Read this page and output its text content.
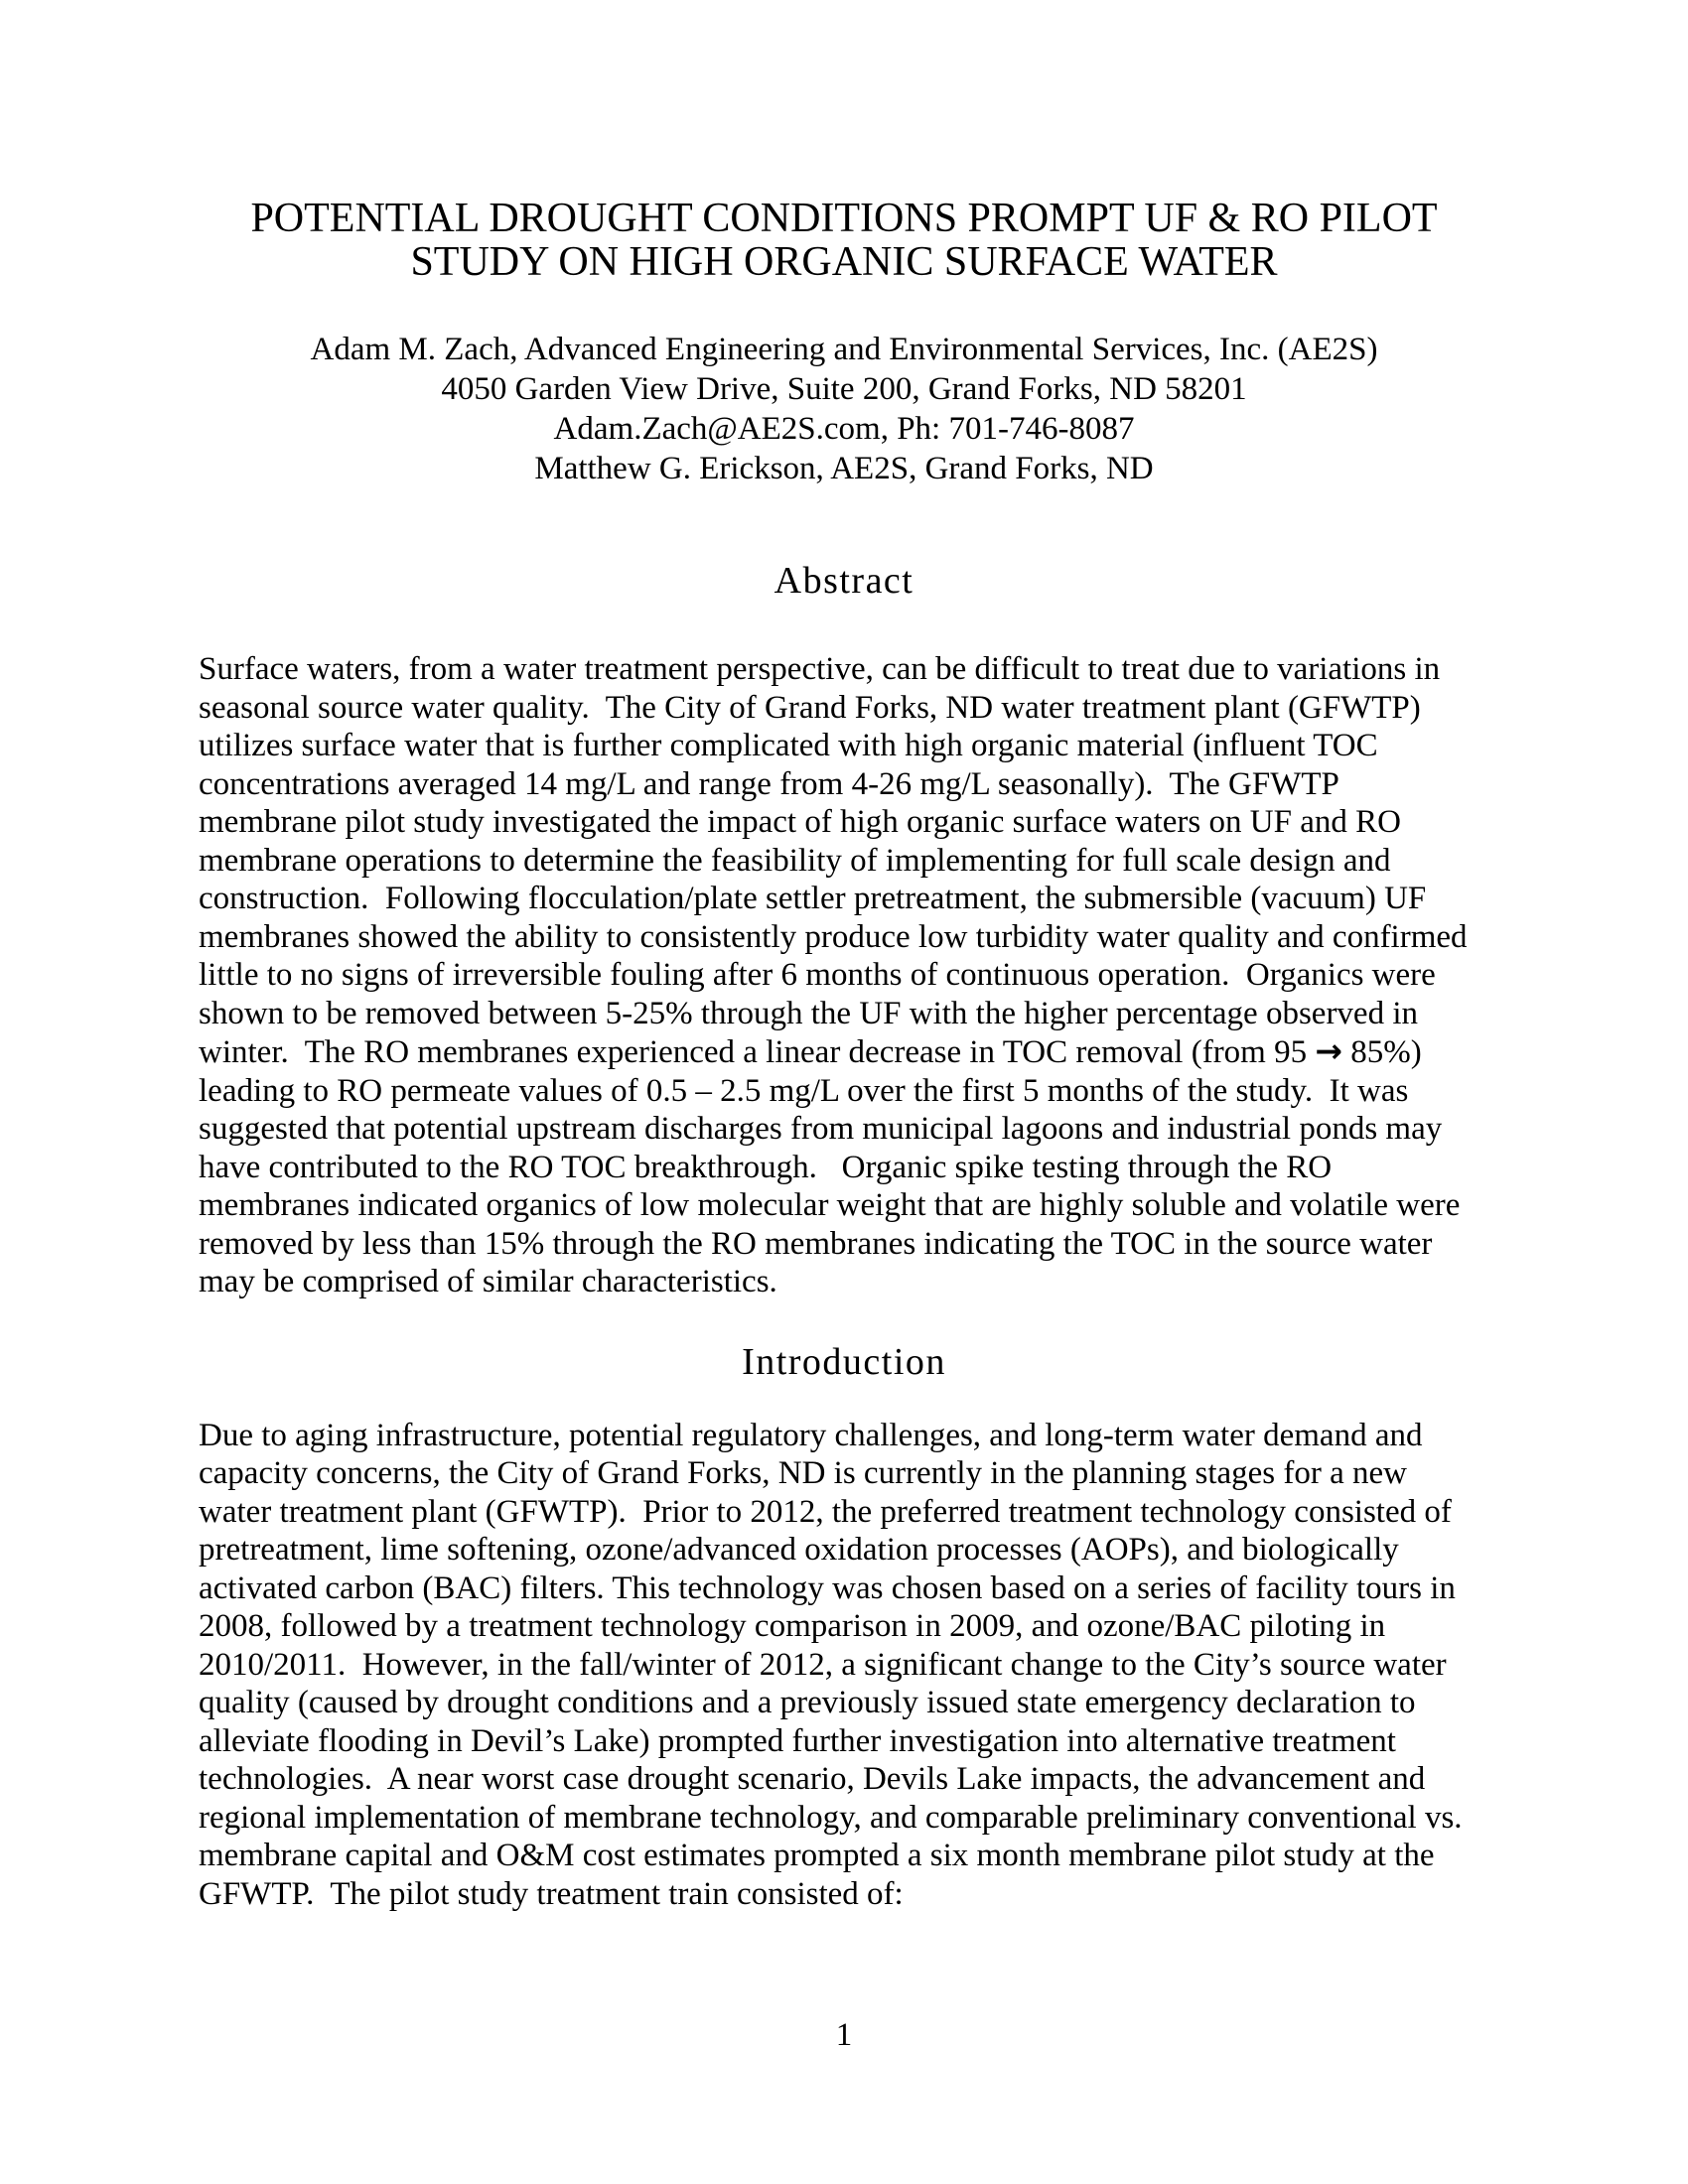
POTENTIAL DROUGHT CONDITIONS PROMPT UF & RO PILOT
STUDY ON HIGH ORGANIC SURFACE WATER
Adam M. Zach, Advanced Engineering and Environmental Services, Inc. (AE2S)
4050 Garden View Drive, Suite 200, Grand Forks, ND 58201
Adam.Zach@AE2S.com, Ph: 701-746-8087
Matthew G. Erickson, AE2S, Grand Forks, ND
Abstract
Surface waters, from a water treatment perspective, can be difficult to treat due to variations in
seasonal source water quality.  The City of Grand Forks, ND water treatment plant (GFWTP)
utilizes surface water that is further complicated with high organic material (influent TOC
concentrations averaged 14 mg/L and range from 4-26 mg/L seasonally).  The GFWTP
membrane pilot study investigated the impact of high organic surface waters on UF and RO
membrane operations to determine the feasibility of implementing for full scale design and
construction.  Following flocculation/plate settler pretreatment, the submersible (vacuum) UF
membranes showed the ability to consistently produce low turbidity water quality and confirmed
little to no signs of irreversible fouling after 6 months of continuous operation.  Organics were
shown to be removed between 5-25% through the UF with the higher percentage observed in
winter.  The RO membranes experienced a linear decrease in TOC removal (from 95 → 85%)
leading to RO permeate values of 0.5 – 2.5 mg/L over the first 5 months of the study.  It was
suggested that potential upstream discharges from municipal lagoons and industrial ponds may
have contributed to the RO TOC breakthrough.   Organic spike testing through the RO
membranes indicated organics of low molecular weight that are highly soluble and volatile were
removed by less than 15% through the RO membranes indicating the TOC in the source water
may be comprised of similar characteristics.
Introduction
Due to aging infrastructure, potential regulatory challenges, and long-term water demand and
capacity concerns, the City of Grand Forks, ND is currently in the planning stages for a new
water treatment plant (GFWTP).  Prior to 2012, the preferred treatment technology consisted of
pretreatment, lime softening, ozone/advanced oxidation processes (AOPs), and biologically
activated carbon (BAC) filters. This technology was chosen based on a series of facility tours in
2008, followed by a treatment technology comparison in 2009, and ozone/BAC piloting in
2010/2011.  However, in the fall/winter of 2012, a significant change to the City’s source water
quality (caused by drought conditions and a previously issued state emergency declaration to
alleviate flooding in Devil’s Lake) prompted further investigation into alternative treatment
technologies.  A near worst case drought scenario, Devils Lake impacts, the advancement and
regional implementation of membrane technology, and comparable preliminary conventional vs.
membrane capital and O&M cost estimates prompted a six month membrane pilot study at the
GFWTP.  The pilot study treatment train consisted of:
1
